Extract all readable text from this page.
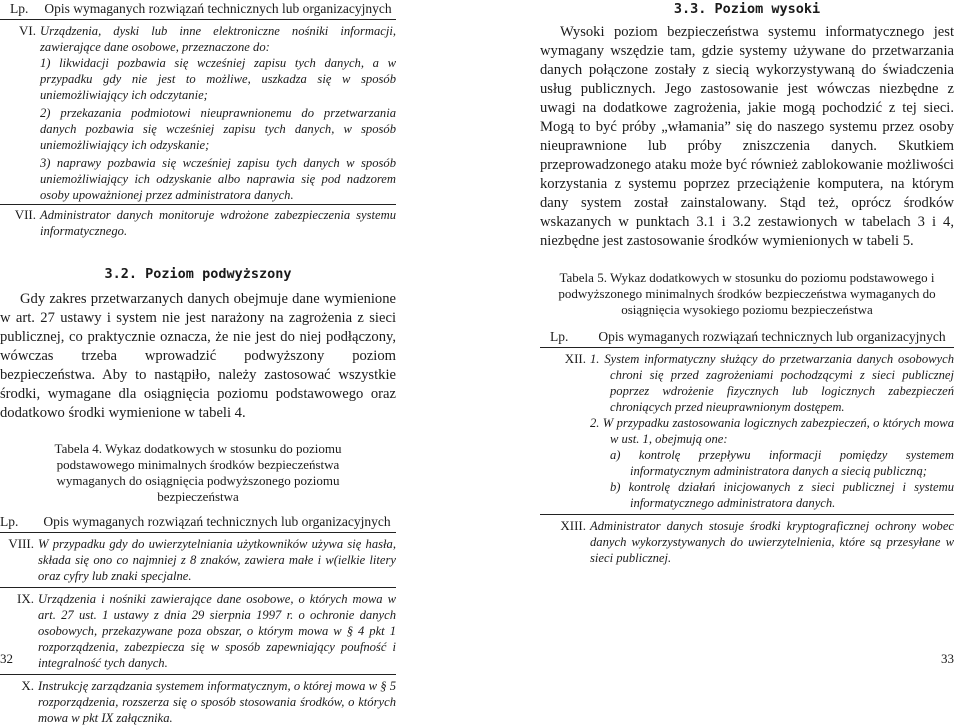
Lp.	Opis wymaganych rozwiązań technicznych lub organizacyjnych
VI.	Urządzenia, dyski lub inne elektroniczne nośniki informacji, zawierające dane osobowe, przeznaczone do:

1) likwidacji pozbawia się wcześniej zapisu tych danych, a w przypadku gdy nie jest to możliwe, uszkadza się w sposób uniemożliwiający ich odczytanie;

2) przekazania podmiotowi nieuprawnionemu do przetwarzania danych pozbawia się wcześniej zapisu tych danych, w sposób uniemożliwiający ich odzyskanie;

3) naprawy pozbawia się wcześniej zapisu tych danych w sposób uniemożliwiający ich odzyskanie albo naprawia się pod nadzorem osoby upoważnionej przez administratora danych.

VII.	Administrator danych monitoruje wdrożone zabezpieczenia systemu informatycznego.
3.2. Poziom podwyższony

Gdy zakres przetwarzanych danych obejmuje dane wymienione w art. 27 ustawy i system nie jest narażony na zagrożenia z sieci publicznej, co praktycznie oznacza, że nie jest do niej podłączony, wówczas trzeba wprowadzić podwyższony poziom bezpieczeństwa. Aby to nastąpiło, należy zastosować wszystkie środki, wymagane dla osiągnięcia poziomu podstawowego oraz dodatkowo środki wymienione w tabeli 4.

Tabela 4. Wykaz dodatkowych w stosunku do poziomu podstawowego minimalnych środków bezpieczeństwa wymaganych do osiągnięcia podwyższonego poziomu bezpieczeństwa
Lp.	Opis wymaganych rozwiązań technicznych lub organizacyjnych
VIII.	W przypadku gdy do uwierzytelniania użytkowników używa się hasła, składa się ono co najmniej z 8 znaków, zawiera małe i w(ielkie litery oraz cyfry lub znaki specjalne.
IX.	Urządzenia i nośniki zawierające dane osobowe, o których mowa w art. 27 ust. 1 ustawy z dnia 29 sierpnia 1997 r. o ochronie danych osobowych, przekazywane poza obszar, o którym mowa w § 4 pkt 1 rozporządzenia, zabezpiecza się w sposób zapewniający poufność i integralność tych danych.
X.	Instrukcję zarządzania systemem informatycznym, o której mowa w § 5 rozporządzenia, rozszerza się o sposób stosowania środków, o których mowa w pkt IX załącznika.
32
3.3. Poziom wysoki

Wysoki poziom bezpieczeństwa systemu informatycznego jest wymagany wszędzie tam, gdzie systemy używane do przetwarzania danych połączone zostały z siecią wykorzystywaną do świadczenia usług publicznych. Jego zastosowanie jest wówczas niezbędne z uwagi na dodatkowe zagrożenia, jakie mogą pochodzić z tej sieci. Mogą to być próby „włamania” się do naszego systemu przez osoby nieuprawnione lub próby zniszczenia danych. Skutkiem przeprowadzonego ataku może być również zablokowanie możliwości korzystania z systemu poprzez przeciążenie komputera, na którym dany system został zainstalowany. Stąd też, oprócz środków wskazanych w punktach 3.1 i 3.2 zestawionych w tabelach 3 i 4, niezbędne jest zastosowanie środków wymienionych w tabeli 5.

Tabela 5. Wykaz dodatkowych w stosunku do poziomu podstawowego i podwyższonego minimalnych środków bezpieczeństwa wymaganych do osiągnięcia wysokiego poziomu bezpieczeństwa
Lp.	Opis wymaganych rozwiązań technicznych lub organizacyjnych
XII.	1. System informatyczny służący do przetwarzania danych osobowych chroni się przed zagrożeniami pochodzącymi z sieci publicznej poprzez wdrożenie fizycznych lub logicznych zabezpieczeń chroniących przed nieuprawnionym dostępem.

2. W przypadku zastosowania logicznych zabezpieczeń, o których mowa w ust. 1, obejmują one:

a) kontrolę przepływu informacji pomiędzy systemem informatycznym administratora danych a siecią publiczną;

b) kontrolę działań inicjowanych z sieci publicznej i systemu informatycznego administratora danych.

XIII.	Administrator danych stosuje środki kryptograficznej ochrony wobec danych wykorzystywanych do uwierzytelnienia, które są przesyłane w sieci publicznej.
33
